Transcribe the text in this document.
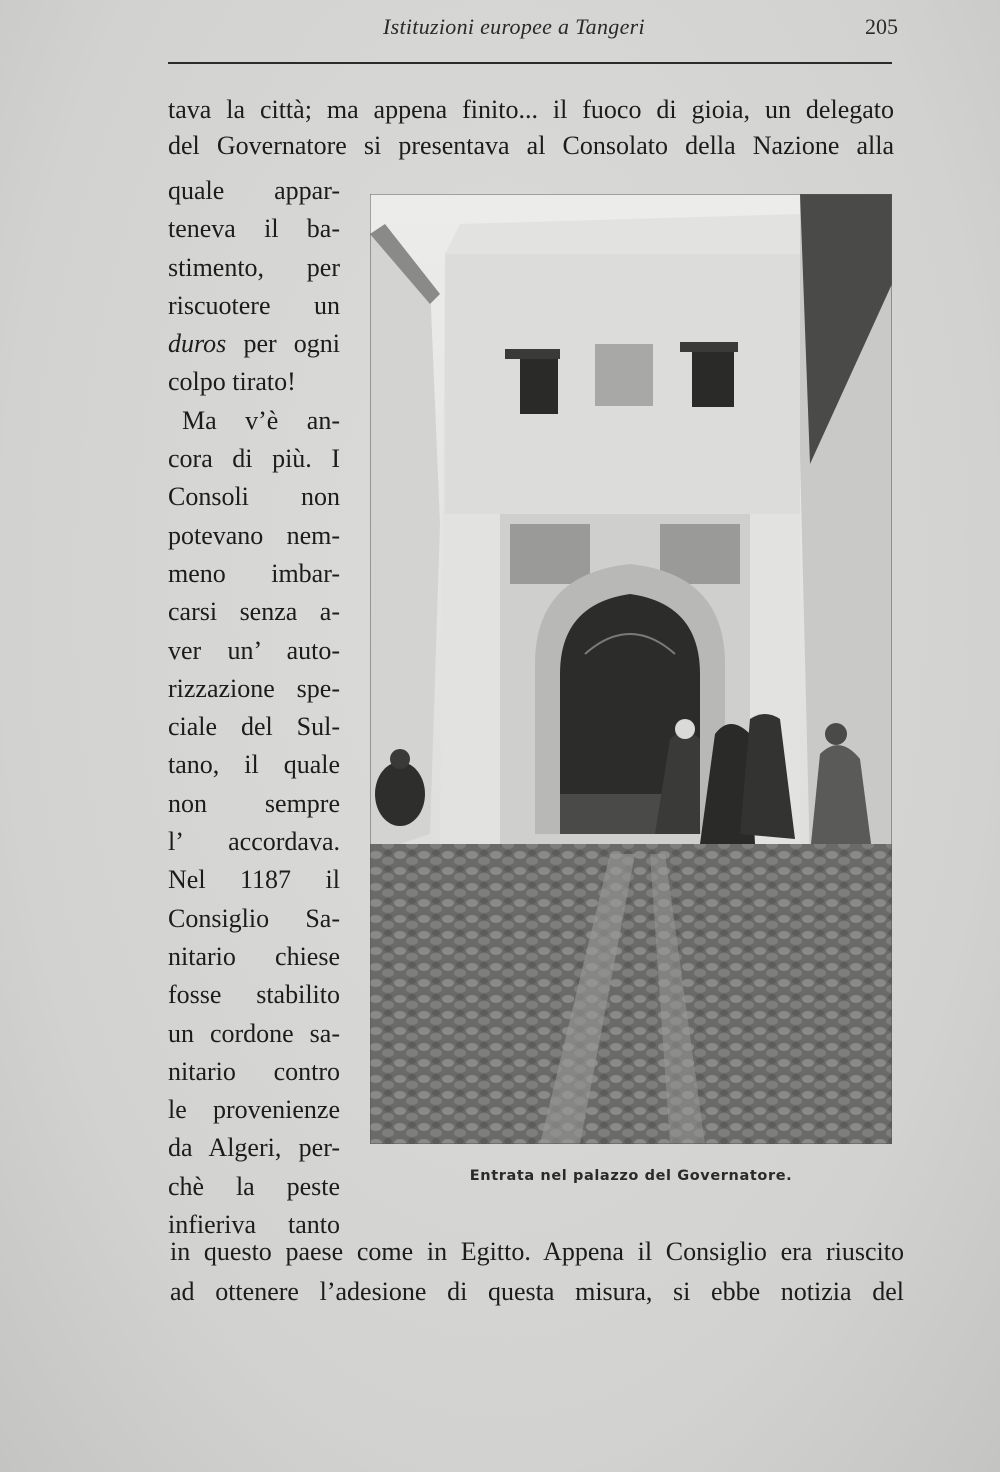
Istituzioni europee a Tangeri	205
tava la città; ma appena finito... il fuoco di gioia, un delegato
del Governatore si presentava al Consolato della Nazione alla
quale appar-
teneva il ba-
stimento, per
riscuotere un
duros per ogni
colpo tirato!
Ma v’è an-
cora di più. I
Consoli non
potevano nem-
meno imbar-
carsi senza a-
ver un’ auto-
rizzazione spe-
ciale del Sul-
tano, il quale
non sempre
l’ accordava.
Nel 1187 il
Consiglio Sa-
nitario chiese
fosse stabilito
un cordone sa-
nitario contro
le provenienze
da Algeri, per-
chè la peste
infieriva tanto
Entrata nel palazzo del Governatore.
in questo paese come in Egitto. Appena il Consiglio era riuscito
ad ottenere l’adesione di questa misura, si ebbe notizia del
